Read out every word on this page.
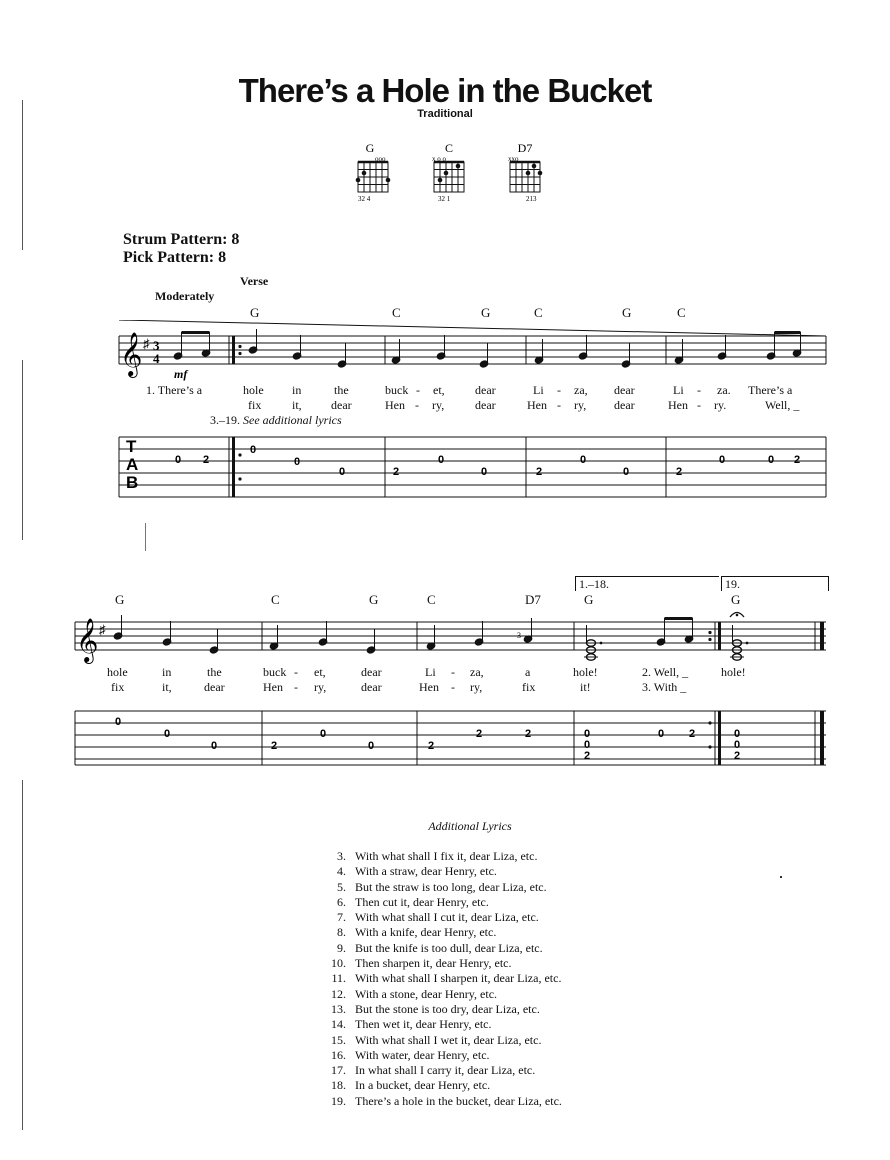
There’s a Hole in the Bucket
Traditional
G
ooo
32 4
C
x o o
32 1
D7
xxo
213
Strum Pattern: 8
Pick Pattern: 8
Verse
Moderately
G	C	G	C	G	C
𝄞 ♯ 3
4
mf
T
A
B
0 2
0
0
0	2
0
0	2
0
0	2
0	0 2
1. There’s a	hole in	the	buck - et,	dear	Li - za, dear	Li - za. There’s a
fix	it, dear	Hen - ry,	dear	Hen - ry, dear	Hen - ry.	Well, _
3.–19. See additional lyrics
1.–18.	19.
G	C	G	C	D7	G	G
𝄞 ♯	3
0
0
0	2
0
0	2
2	2	0
0
2
0 2	0
0
2
hole	in	the	buck - et,	dear	Li - za,	a	hole!	2. Well, _	hole!
fix	it,	dear	Hen - ry,	dear	Hen - ry,	fix	it!	3. With _
Additional Lyrics
3. With what shall I fix it, dear Liza, etc.
4. With a straw, dear Henry, etc.
5. But the straw is too long, dear Liza, etc.
6. Then cut it, dear Henry, etc.
7. With what shall I cut it, dear Liza, etc.
8. With a knife, dear Henry, etc.
9. But the knife is too dull, dear Liza, etc.
10. Then sharpen it, dear Henry, etc.
11. With what shall I sharpen it, dear Liza, etc.
12. With a stone, dear Henry, etc.
13. But the stone is too dry, dear Liza, etc.
14. Then wet it, dear Henry, etc.
15. With what shall I wet it, dear Liza, etc.
16. With water, dear Henry, etc.
17. In what shall I carry it, dear Liza, etc.
18. In a bucket, dear Henry, etc.
19. There’s a hole in the bucket, dear Liza, etc.
